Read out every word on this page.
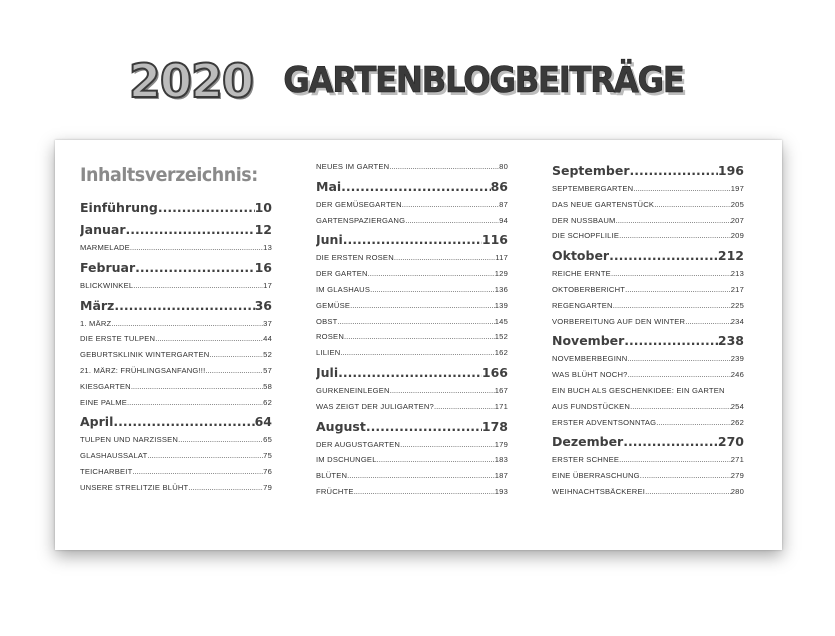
2020 GARTENBLOGBEITRÄGE
Inhaltsverzeichnis:
Einführung .....	10
Januar .....	12
MARMELADE .....	13
Februar .....	16
BLICKWINKEL .....	17
März .....	36
1. MÄRZ .....	37
DIE ERSTE TULPEN .....	44
GEBURTSKLINIK WINTERGARTEN .....	52
21. MÄRZ: FRÜHLINGSANFANG!!! .....	57
KIESGARTEN .....	58
EINE PALME .....	62
April .....	64
TULPEN UND NARZISSEN .....	65
GLASHAUSSALAT .....	75
TEICHARBEIT .....	76
UNSERE STRELITZIE BLÜHT .....	79
NEUES IM GARTEN .....	80
Mai .....	86
DER GEMÜSEGARTEN .....	87
GARTENSPAZIERGANG .....	94
Juni .....	116
DIE ERSTEN ROSEN .....	117
DER GARTEN .....	129
IM GLASHAUS .....	136
GEMÜSE .....	139
OBST .....	145
ROSEN .....	152
LILIEN .....	162
Juli .....	166
GURKENEINLEGEN .....	167
WAS ZEIGT DER JULIGARTEN? .....	171
August .....	178
DER AUGUSTGARTEN .....	179
IM DSCHUNGEL .....	183
BLÜTEN .....	187
FRÜCHTE .....	193
September .....	196
SEPTEMBERGARTEN .....	197
DAS NEUE GARTENSTÜCK .....	205
DER NUSSBAUM .....	207
DIE SCHOPFLILIE .....	209
Oktober .....	212
REICHE ERNTE .....	213
OKTOBERBERICHT .....	217
REGENGARTEN .....	225
VORBEREITUNG AUF DEN WINTER .....	234
November .....	238
NOVEMBERBEGINN .....	239
WAS BLÜHT NOCH? .....	246
EIN BUCH ALS GESCHENKIDEE: EIN GARTEN
AUS FUNDSTÜCKEN .....	254
ERSTER ADVENTSONNTAG .....	262
Dezember .....	270
ERSTER SCHNEE .....	271
EINE ÜBERRASCHUNG... .....	279
WEIHNACHTSBÄCKEREI .....	280
